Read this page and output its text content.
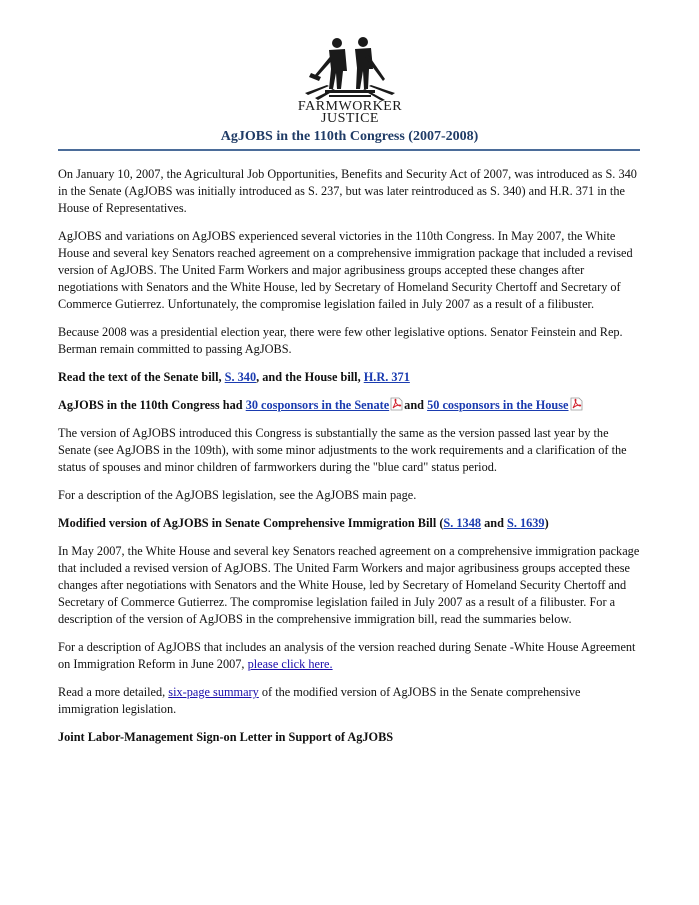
FARMWORKER
JUSTICE
AgJOBS in the 110th Congress (2007-2008)

On January 10, 2007, the Agricultural Job Opportunities, Benefits and Security Act of 2007, was introduced as S. 340 in the Senate (AgJOBS was initially introduced as S. 237, but was later reintroduced as S. 340) and H.R. 371 in the House of Representatives.

AgJOBS and variations on AgJOBS experienced several victories in the 110th Congress. In May 2007, the White House and several key Senators reached agreement on a comprehensive immigration package that included a revised version of AgJOBS. The United Farm Workers and major agribusiness groups accepted these changes after negotiations with Senators and the White House, led by Secretary of Homeland Security Chertoff and Secretary of Commerce Gutierrez. Unfortunately, the compromise legislation failed in July 2007 as a result of a filibuster.

Because 2008 was a presidential election year, there were few other legislative options. Senator Feinstein and Rep. Berman remain committed to passing AgJOBS.

Read the text of the Senate bill, S. 340, and the House bill, H.R. 371

AgJOBS in the 110th Congress had 30 cosponsors in the Senate and 50 cosponsors in the House

The version of AgJOBS introduced this Congress is substantially the same as the version passed last year by the Senate (see AgJOBS in the 109th), with some minor adjustments to the work requirements and a clarification of the status of spouses and minor children of farmworkers during the "blue card" status period.

For a description of the AgJOBS legislation, see the AgJOBS main page.

Modified version of AgJOBS in Senate Comprehensive Immigration Bill (S. 1348 and S. 1639)

In May 2007, the White House and several key Senators reached agreement on a comprehensive immigration package that included a revised version of AgJOBS. The United Farm Workers and major agribusiness groups accepted these changes after negotiations with Senators and the White House, led by Secretary of Homeland Security Chertoff and Secretary of Commerce Gutierrez. The compromise legislation failed in July 2007 as a result of a filibuster. For a description of the version of AgJOBS in the comprehensive immigration bill, read the summaries below.

For a description of AgJOBS that includes an analysis of the version reached during Senate -White House Agreement on Immigration Reform in June 2007, please click here.

Read a more detailed, six-page summary of the modified version of AgJOBS in the Senate comprehensive immigration legislation.

Joint Labor-Management Sign-on Letter in Support of AgJOBS
